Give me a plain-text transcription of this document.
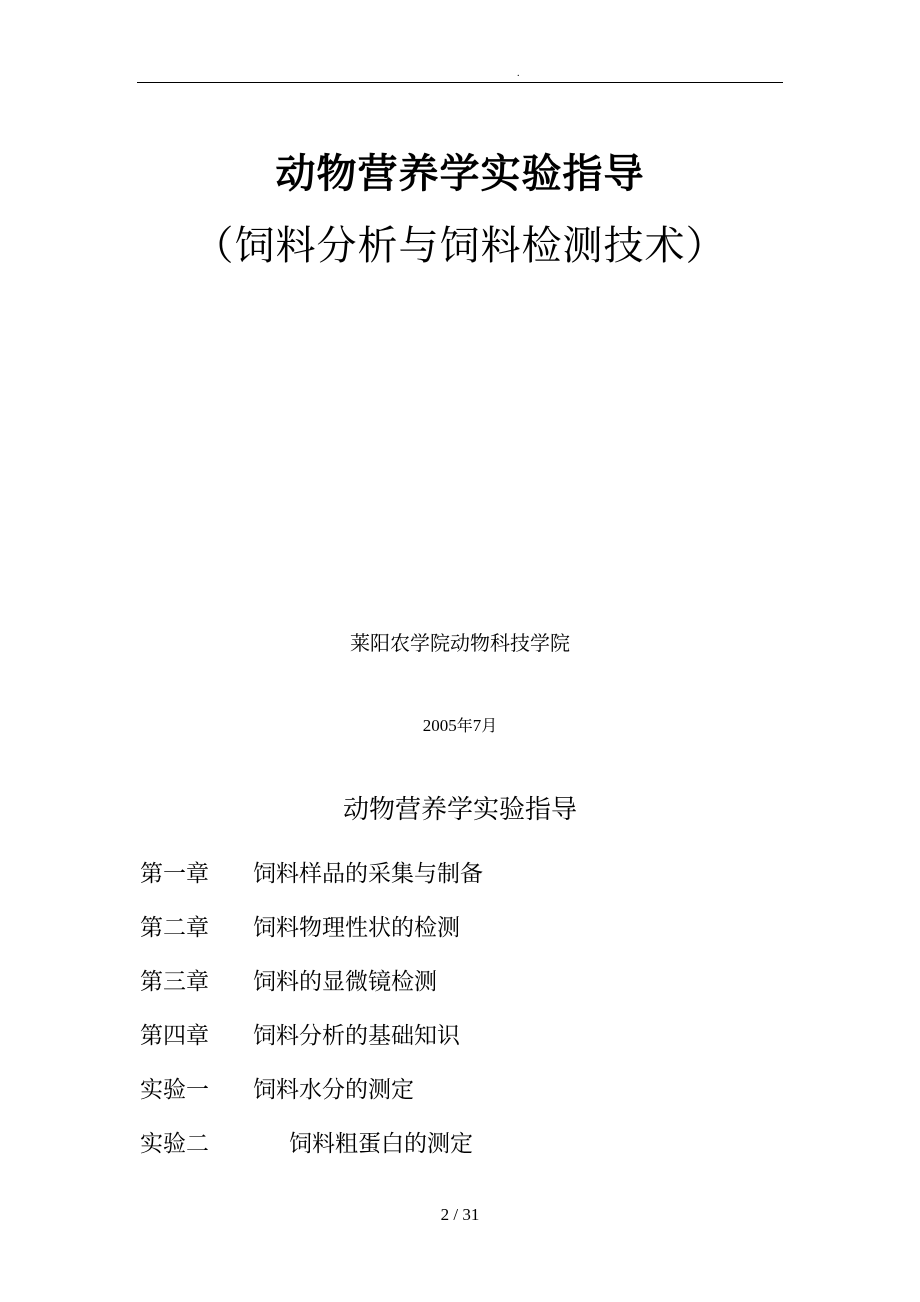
.
动物营养学实验指导
（饲料分析与饲料检测技术）
莱阳农学院动物科技学院
2005年7月
动物营养学实验指导
第一章 饲料样品的采集与制备
第二章 饲料物理性状的检测
第三章 饲料的显微镜检测
第四章 饲料分析的基础知识
实验一 饲料水分的测定
实验二	饲料粗蛋白的测定
2 / 31
